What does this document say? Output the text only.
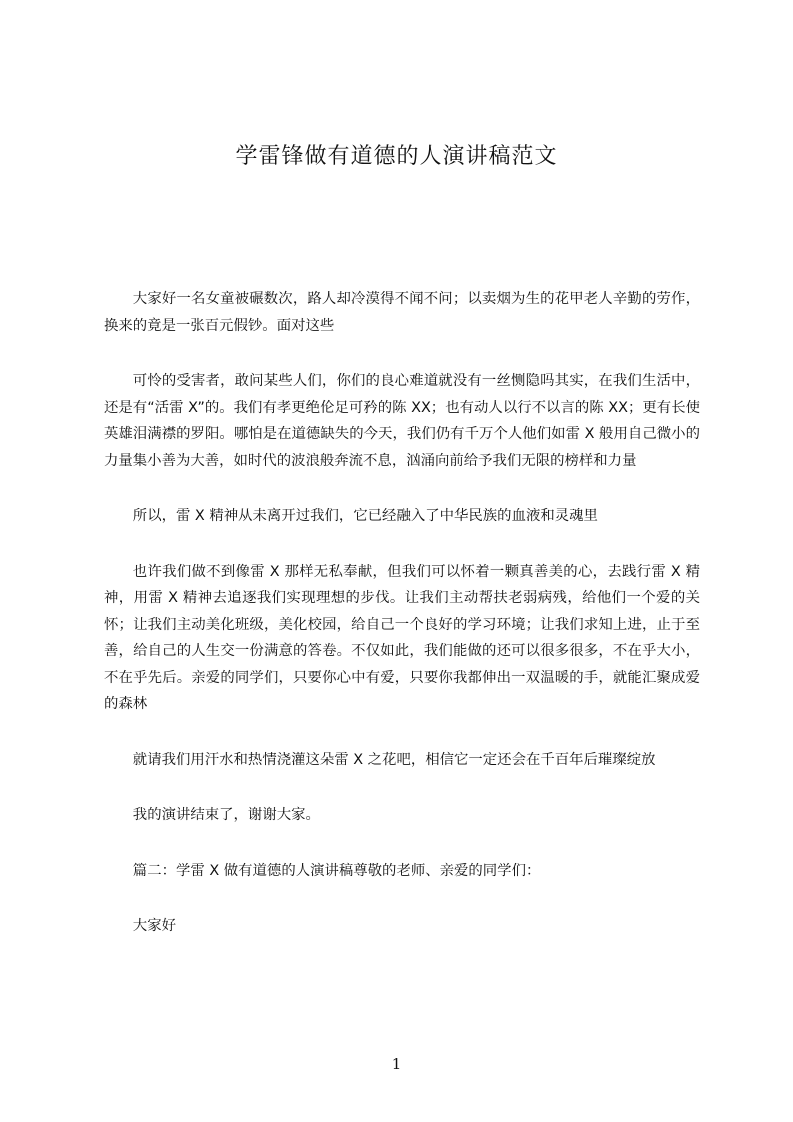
学雷锋做有道德的人演讲稿范文

大家好一名女童被碾数次，路人却冷漠得不闻不问；以卖烟为生的花甲老人辛勤的劳作，换来的竟是一张百元假钞。面对这些

可怜的受害者，敢问某些人们，你们的良心难道就没有一丝恻隐吗其实，在我们生活中，还是有“活雷 X”的。我们有孝更绝伦足可矜的陈 XX；也有动人以行不以言的陈 XX；更有长使英雄泪满襟的罗阳。哪怕是在道德缺失的今天，我们仍有千万个人他们如雷 X 般用自己微小的力量集小善为大善，如时代的波浪般奔流不息，汹涌向前给予我们无限的榜样和力量

所以，雷 X 精神从未离开过我们，它已经融入了中华民族的血液和灵魂里

也许我们做不到像雷 X 那样无私奉献，但我们可以怀着一颗真善美的心，去践行雷 X 精神，用雷 X 精神去追逐我们实现理想的步伐。让我们主动帮扶老弱病残，给他们一个爱的关怀；让我们主动美化班级，美化校园，给自己一个良好的学习环境；让我们求知上进，止于至善，给自己的人生交一份满意的答卷。不仅如此，我们能做的还可以很多很多，不在乎大小，不在乎先后。亲爱的同学们，只要你心中有爱，只要你我都伸出一双温暖的手，就能汇聚成爱的森林

就请我们用汗水和热情浇灌这朵雷 X 之花吧，相信它一定还会在千百年后璀璨绽放

我的演讲结束了，谢谢大家。

篇二：学雷 X 做有道德的人演讲稿尊敬的老师、亲爱的同学们：

大家好

1
